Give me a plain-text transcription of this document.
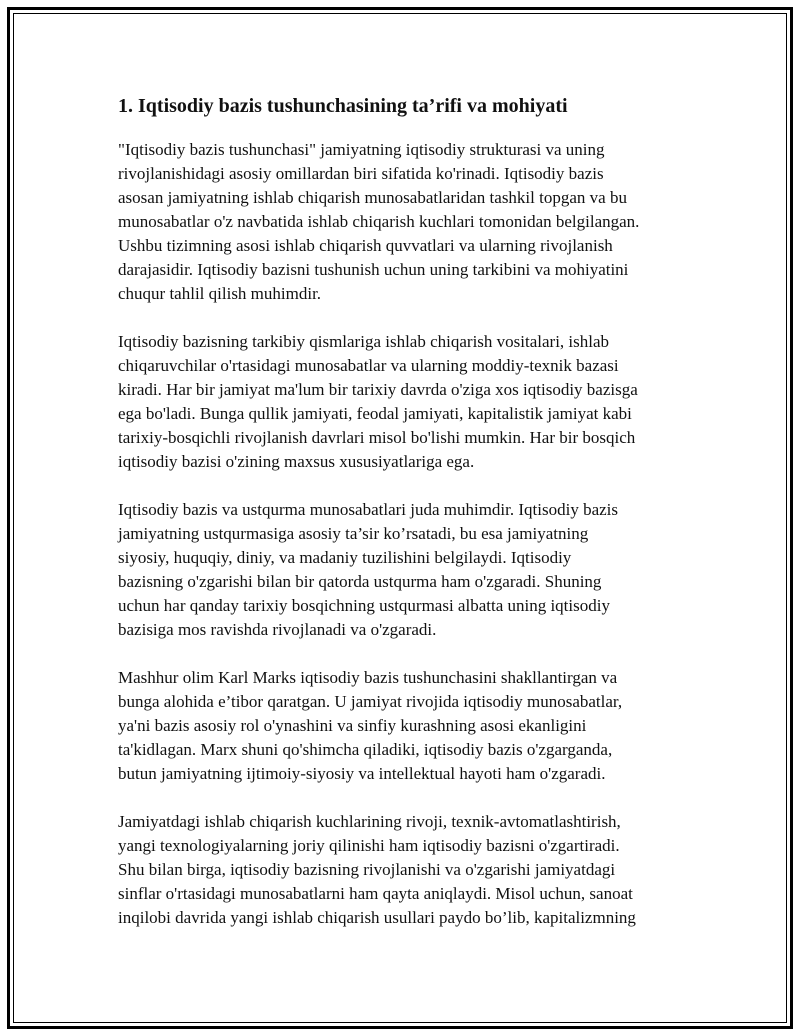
1. Iqtisodiy bazis tushunchasining ta’rifi va mohiyati

"Iqtisodiy bazis tushunchasi" jamiyatning iqtisodiy strukturasi va uning
rivojlanishidagi asosiy omillardan biri sifatida ko'rinadi. Iqtisodiy bazis
asosan jamiyatning ishlab chiqarish munosabatlaridan tashkil topgan va bu
munosabatlar o'z navbatida ishlab chiqarish kuchlari tomonidan belgilangan.
Ushbu tizimning asosi ishlab chiqarish quvvatlari va ularning rivojlanish
darajasidir. Iqtisodiy bazisni tushunish uchun uning tarkibini va mohiyatini
chuqur tahlil qilish muhimdir.

Iqtisodiy bazisning tarkibiy qismlariga ishlab chiqarish vositalari, ishlab
chiqaruvchilar o'rtasidagi munosabatlar va ularning moddiy-texnik bazasi
kiradi. Har bir jamiyat ma'lum bir tarixiy davrda o'ziga xos iqtisodiy bazisga
ega bo'ladi. Bunga qullik jamiyati, feodal jamiyati, kapitalistik jamiyat kabi
tarixiy-bosqichli rivojlanish davrlari misol bo'lishi mumkin. Har bir bosqich
iqtisodiy bazisi o'zining maxsus xususiyatlariga ega.

Iqtisodiy bazis va ustqurma munosabatlari juda muhimdir. Iqtisodiy bazis
jamiyatning ustqurmasiga asosiy ta’sir ko’rsatadi, bu esa jamiyatning
siyosiy, huquqiy, diniy, va madaniy tuzilishini belgilaydi. Iqtisodiy
bazisning o'zgarishi bilan bir qatorda ustqurma ham o'zgaradi. Shuning
uchun har qanday tarixiy bosqichning ustqurmasi albatta uning iqtisodiy
bazisiga mos ravishda rivojlanadi va o'zgaradi.

Mashhur olim Karl Marks iqtisodiy bazis tushunchasini shakllantirgan va
bunga alohida e’tibor qaratgan. U jamiyat rivojida iqtisodiy munosabatlar,
ya'ni bazis asosiy rol o'ynashini va sinfiy kurashning asosi ekanligini
ta'kidlagan. Marx shuni qo'shimcha qiladiki, iqtisodiy bazis o'zgarganda,
butun jamiyatning ijtimoiy-siyosiy va intellektual hayoti ham o'zgaradi.

Jamiyatdagi ishlab chiqarish kuchlarining rivoji, texnik-avtomatlashtirish,
yangi texnologiyalarning joriy qilinishi ham iqtisodiy bazisni o'zgartiradi.
Shu bilan birga, iqtisodiy bazisning rivojlanishi va o'zgarishi jamiyatdagi
sinflar o'rtasidagi munosabatlarni ham qayta aniqlaydi. Misol uchun, sanoat
inqilobi davrida yangi ishlab chiqarish usullari paydo bo’lib, kapitalizmning
